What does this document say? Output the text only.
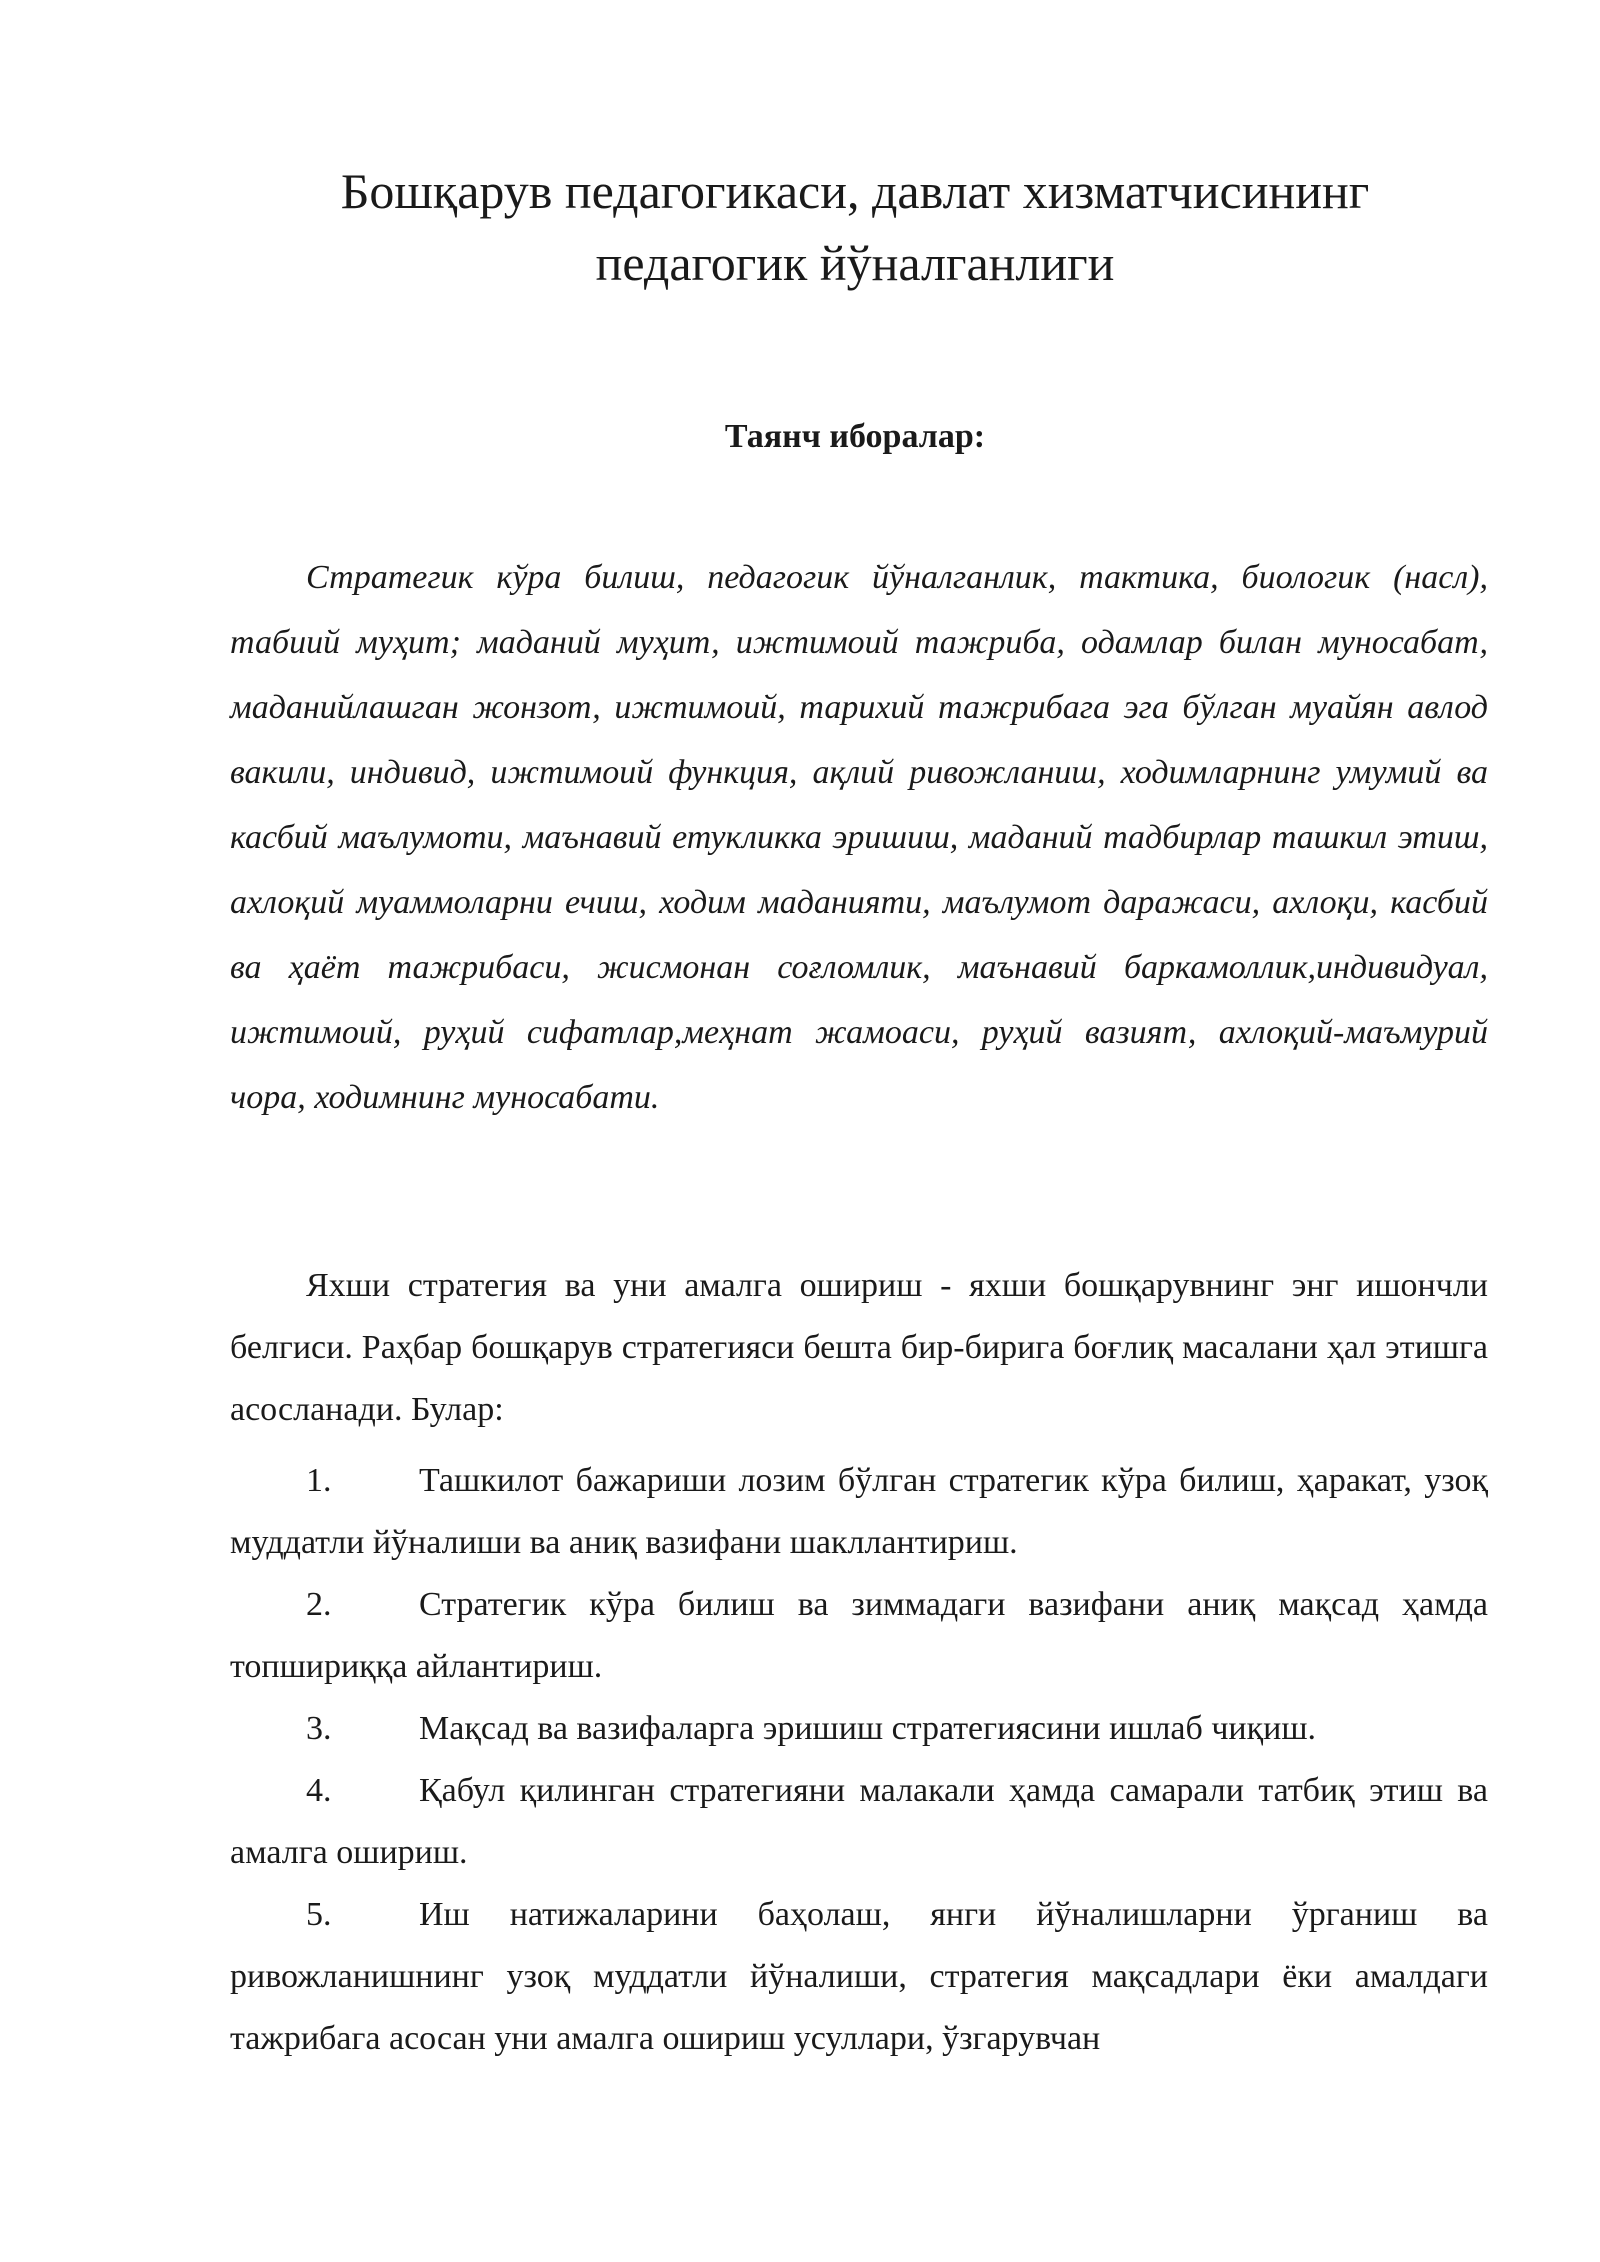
Бошқарув педагогикаси, давлат хизматчисининг
педагогик йўналганлиги

Таянч иборалар:

Стратегик кўра билиш, педагогик йўналганлик, тактика, биологик (насл), табиий муҳит; маданий муҳит, ижтимоий тажриба, одамлар билан муносабат, маданийлашган жонзот, ижтимоий, тарихий тажрибага эга бўлган муайян авлод вакили, индивид, ижтимоий функция, ақлий ривожланиш, ходимларнинг умумий ва касбий маълумоти, маънавий етукликка эришиш, маданий тадбирлар ташкил этиш, ахлоқий муаммоларни ечиш, ходим маданияти, маълумот даражаси, ахлоқи, касбий ва ҳаёт тажрибаси, жисмонан соғломлик, маънавий баркамоллик,индивидуал, ижтимоий, руҳий сифатлар,меҳнат жамоаси, руҳий вазият, ахлоқий-маъмурий чора, ходимнинг муносабати.

Яхши стратегия ва уни амалга ошириш - яхши бошқарувнинг энг ишончли белгиси. Раҳбар бошқарув стратегияси бешта бир-бирига боғлиқ масалани ҳал этишга асосланади. Булар:

1.	Ташкилот бажариши лозим бўлган стратегик кўра билиш, ҳаракат, узоқ муддатли йўналиши ва аниқ вазифани шакллантириш.
2.	Стратегик кўра билиш ва зиммадаги вазифани аниқ мақсад ҳамда топшириққа айлантириш.
3.	Мақсад ва вазифаларга эришиш стратегиясини ишлаб чиқиш.
4.	Қабул қилинган стратегияни малакали ҳамда самарали татбиқ этиш ва амалга ошириш.
5.	Иш натижаларини баҳолаш, янги йўналишларни ўрганиш ва ривожланишнинг узоқ муддатли йўналиши, стратегия мақсадлари ёки амалдаги тажрибага асосан уни амалга ошириш усуллари, ўзгарувчан
